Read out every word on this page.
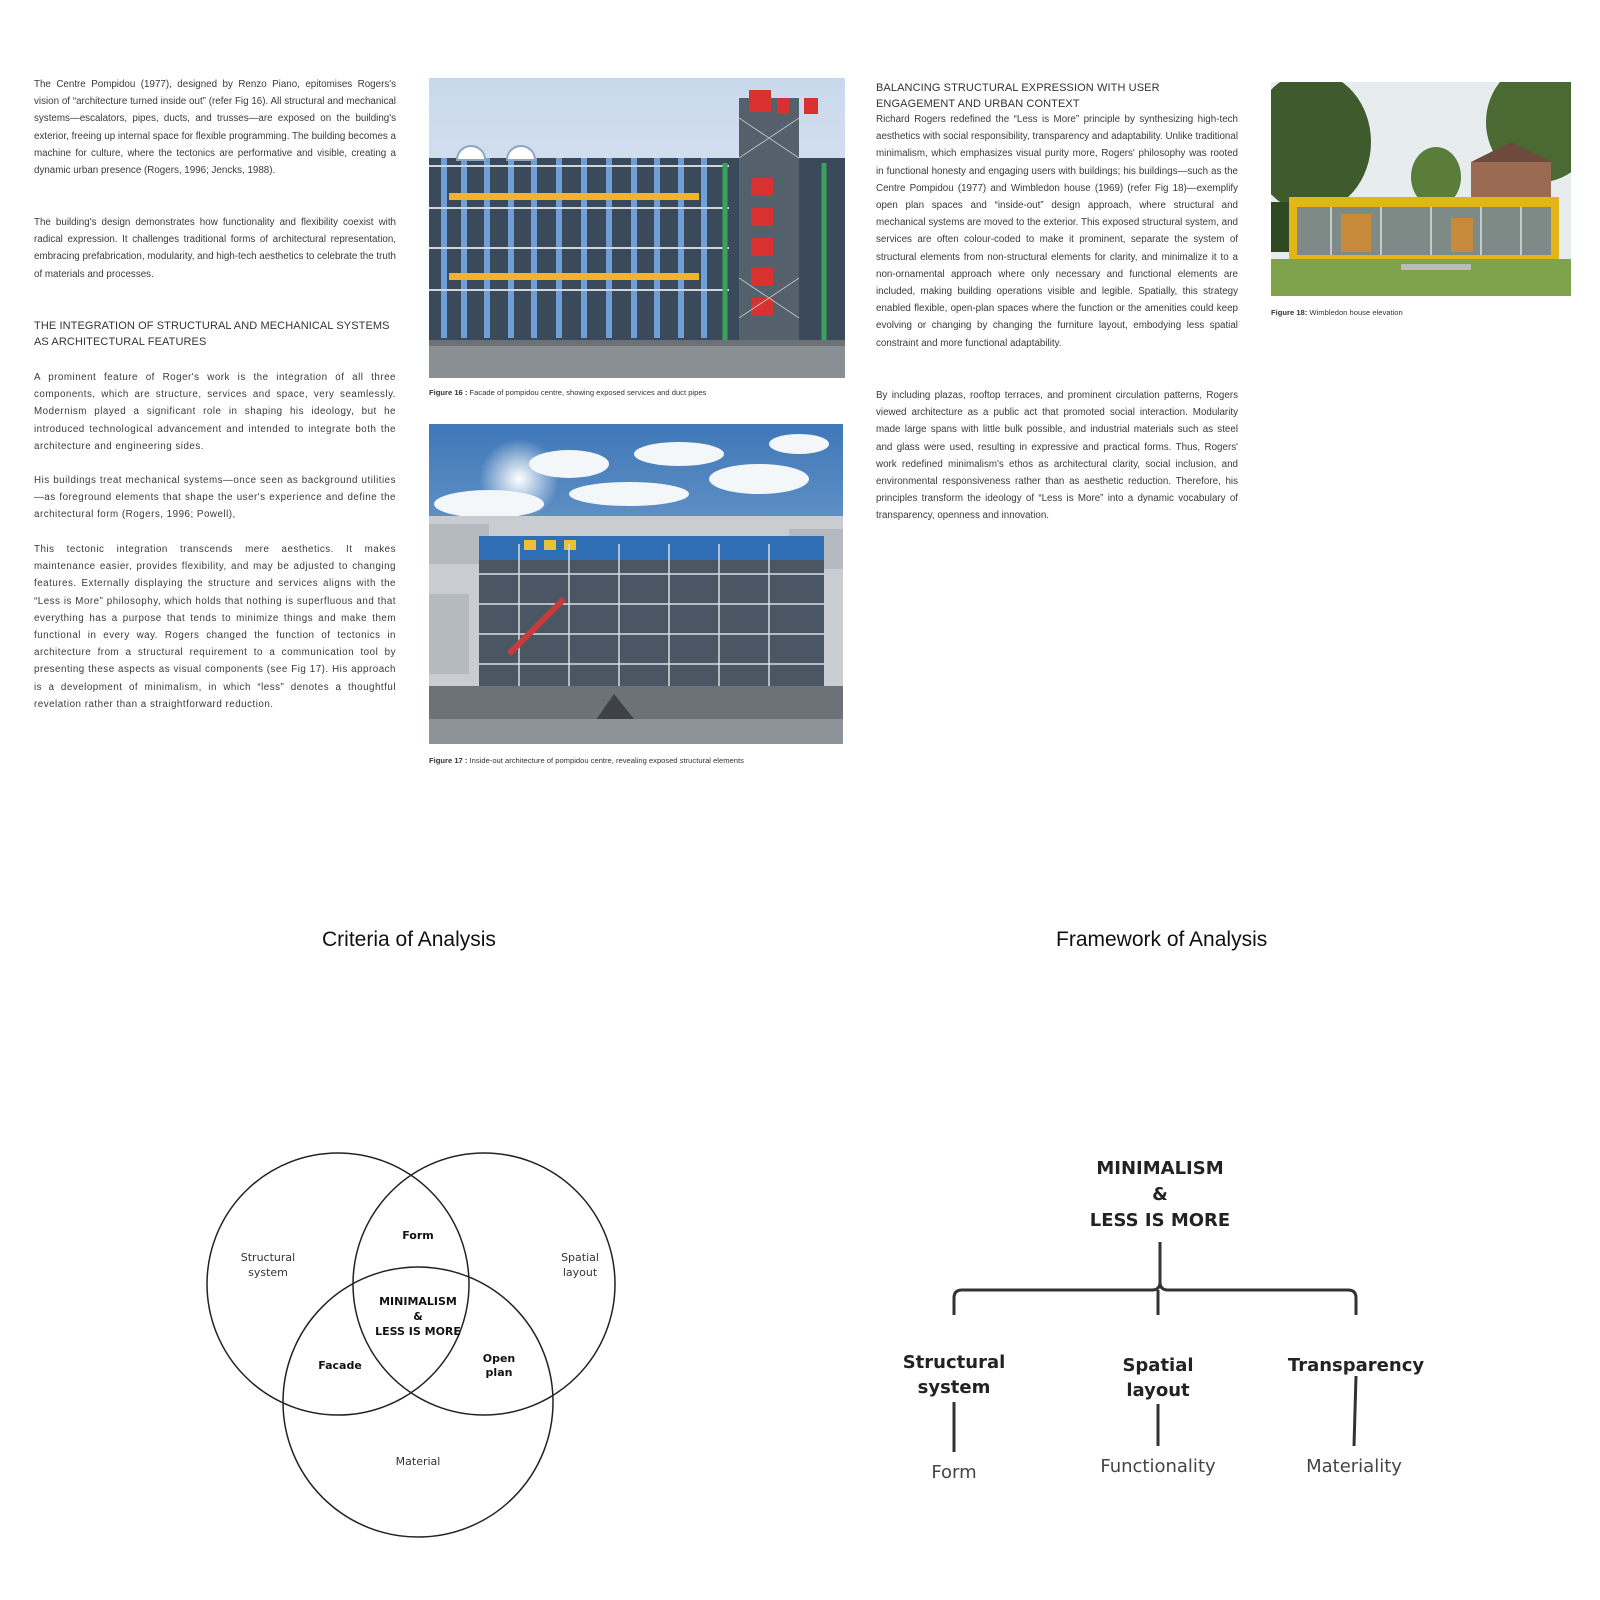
The Centre Pompidou (1977), designed by Renzo Piano, epitomises Rogers's vision of “architecture turned inside out” (refer Fig 16). All structural and mechanical systems—escalators, pipes, ducts, and trusses—are exposed on the building's exterior, freeing up internal space for flexible programming. The building becomes a machine for culture, where the tectonics are performative and visible, creating a dynamic urban presence (Rogers, 1996; Jencks, 1988).

The building's design demonstrates how functionality and flexibility coexist with radical expression. It challenges traditional forms of architectural representation, embracing prefabrication, modularity, and high-tech aesthetics to celebrate the truth of materials and processes.

THE INTEGRATION OF STRUCTURAL AND MECHANICAL SYSTEMS AS ARCHITECTURAL FEATURES

A prominent feature of Roger's work is the integration of all three components, which are structure, services and space, very seamlessly. Modernism played a significant role in shaping his ideology, but he introduced technological advancement and intended to integrate both the architecture and engineering sides.

His buildings treat mechanical systems—once seen as background utilities—as foreground elements that shape the user's experience and define the architectural form (Rogers, 1996; Powell),

This tectonic integration transcends mere aesthetics. It makes maintenance easier, provides flexibility, and may be adjusted to changing features. Externally displaying the structure and services aligns with the “Less is More” philosophy, which holds that nothing is superfluous and that everything has a purpose that tends to minimize things and make them functional in every way. Rogers changed the function of tectonics in architecture from a structural requirement to a communication tool by presenting these aspects as visual components (see Fig 17). His approach is a development of minimalism, in which “less” denotes a thoughtful revelation rather than a straightforward reduction.

Figure 16 : Facade of pompidou centre, showing exposed services and duct pipes
Figure 17 : Inside-out architecture of pompidou centre, revealing exposed structural elements

BALANCING STRUCTURAL EXPRESSION WITH USER ENGAGEMENT AND URBAN CONTEXT

Richard Rogers redefined the “Less is More” principle by synthesizing high-tech aesthetics with social responsibility, transparency and adaptability. Unlike traditional minimalism, which emphasizes visual purity more, Rogers' philosophy was rooted in functional honesty and engaging users with buildings; his buildings—such as the Centre Pompidou (1977) and Wimbledon house (1969) (refer Fig 18)—exemplify open plan spaces and “inside-out” design approach, where structural and mechanical systems are moved to the exterior. This exposed structural system, and services are often colour-coded to make it prominent, separate the system of structural elements from non-structural elements for clarity, and minimalize it to a non-ornamental approach where only necessary and functional elements are included, making building operations visible and legible. Spatially, this strategy enabled flexible, open-plan spaces where the function or the amenities could keep evolving or changing by changing the furniture layout, embodying less spatial constraint and more functional adaptability.

By including plazas, rooftop terraces, and prominent circulation patterns, Rogers viewed architecture as a public act that promoted social interaction. Modularity made large spans with little bulk possible, and industrial materials such as steel and glass were used, resulting in expressive and practical forms. Thus, Rogers' work redefined minimalism's ethos as architectural clarity, social inclusion, and environmental responsiveness rather than as aesthetic reduction. Therefore, his principles transform the ideology of “Less is More” into a dynamic vocabulary of transparency, openness and innovation.

Figure 18: Wimbledon house elevation
Criteria of Analysis	Framework of Analysis
Structural
system
Spatial
layout
Material
Form
Facade
Open
plan
MINIMALISM
&
LESS IS MORE
MINIMALISM
&
LESS IS MORE
Structural
system
Spatial
layout
Transparency
Form	Functionality	Materiality
